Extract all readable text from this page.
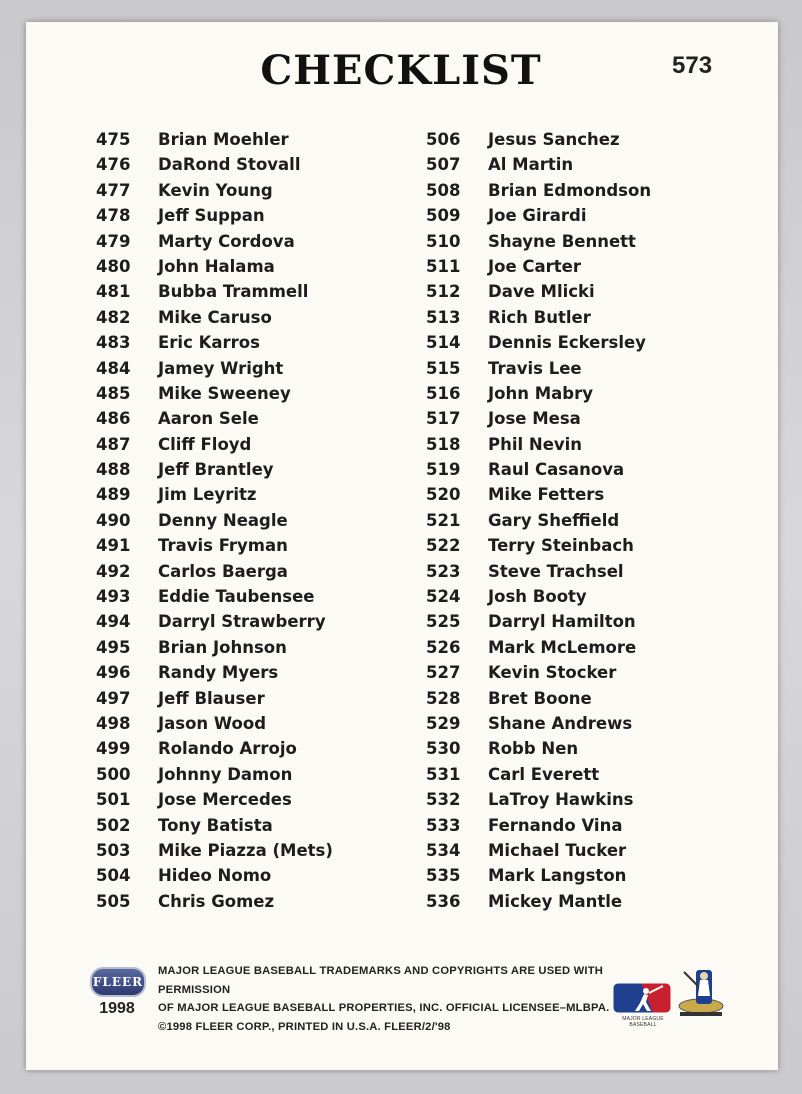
CHECKLIST	573
475 Brian Moehler
476 DaRond Stovall
477 Kevin Young
478 Jeff Suppan
479 Marty Cordova
480 John Halama
481 Bubba Trammell
482 Mike Caruso
483 Eric Karros
484 Jamey Wright
485 Mike Sweeney
486 Aaron Sele
487 Cliff Floyd
488 Jeff Brantley
489 Jim Leyritz
490 Denny Neagle
491 Travis Fryman
492 Carlos Baerga
493 Eddie Taubensee
494 Darryl Strawberry
495 Brian Johnson
496 Randy Myers
497 Jeff Blauser
498 Jason Wood
499 Rolando Arrojo
500 Johnny Damon
501 Jose Mercedes
502 Tony Batista
503 Mike Piazza (Mets)
504 Hideo Nomo
505 Chris Gomez
506 Jesus Sanchez
507 Al Martin
508 Brian Edmondson
509 Joe Girardi
510 Shayne Bennett
511 Joe Carter
512 Dave Mlicki
513 Rich Butler
514 Dennis Eckersley
515 Travis Lee
516 John Mabry
517 Jose Mesa
518 Phil Nevin
519 Raul Casanova
520 Mike Fetters
521 Gary Sheffield
522 Terry Steinbach
523 Steve Trachsel
524 Josh Booty
525 Darryl Hamilton
526 Mark McLemore
527 Kevin Stocker
528 Bret Boone
529 Shane Andrews
530 Robb Nen
531 Carl Everett
532 LaTroy Hawkins
533 Fernando Vina
534 Michael Tucker
535 Mark Langston
536 Mickey Mantle
FLEER
1998
MAJOR LEAGUE BASEBALL TRADEMARKS AND COPYRIGHTS ARE USED WITH PERMISSION
OF MAJOR LEAGUE BASEBALL PROPERTIES, INC. OFFICIAL LICENSEE–MLBPA.
©1998 FLEER CORP., PRINTED IN U.S.A. FLEER/2/'98
MAJOR LEAGUE BASEBALL
